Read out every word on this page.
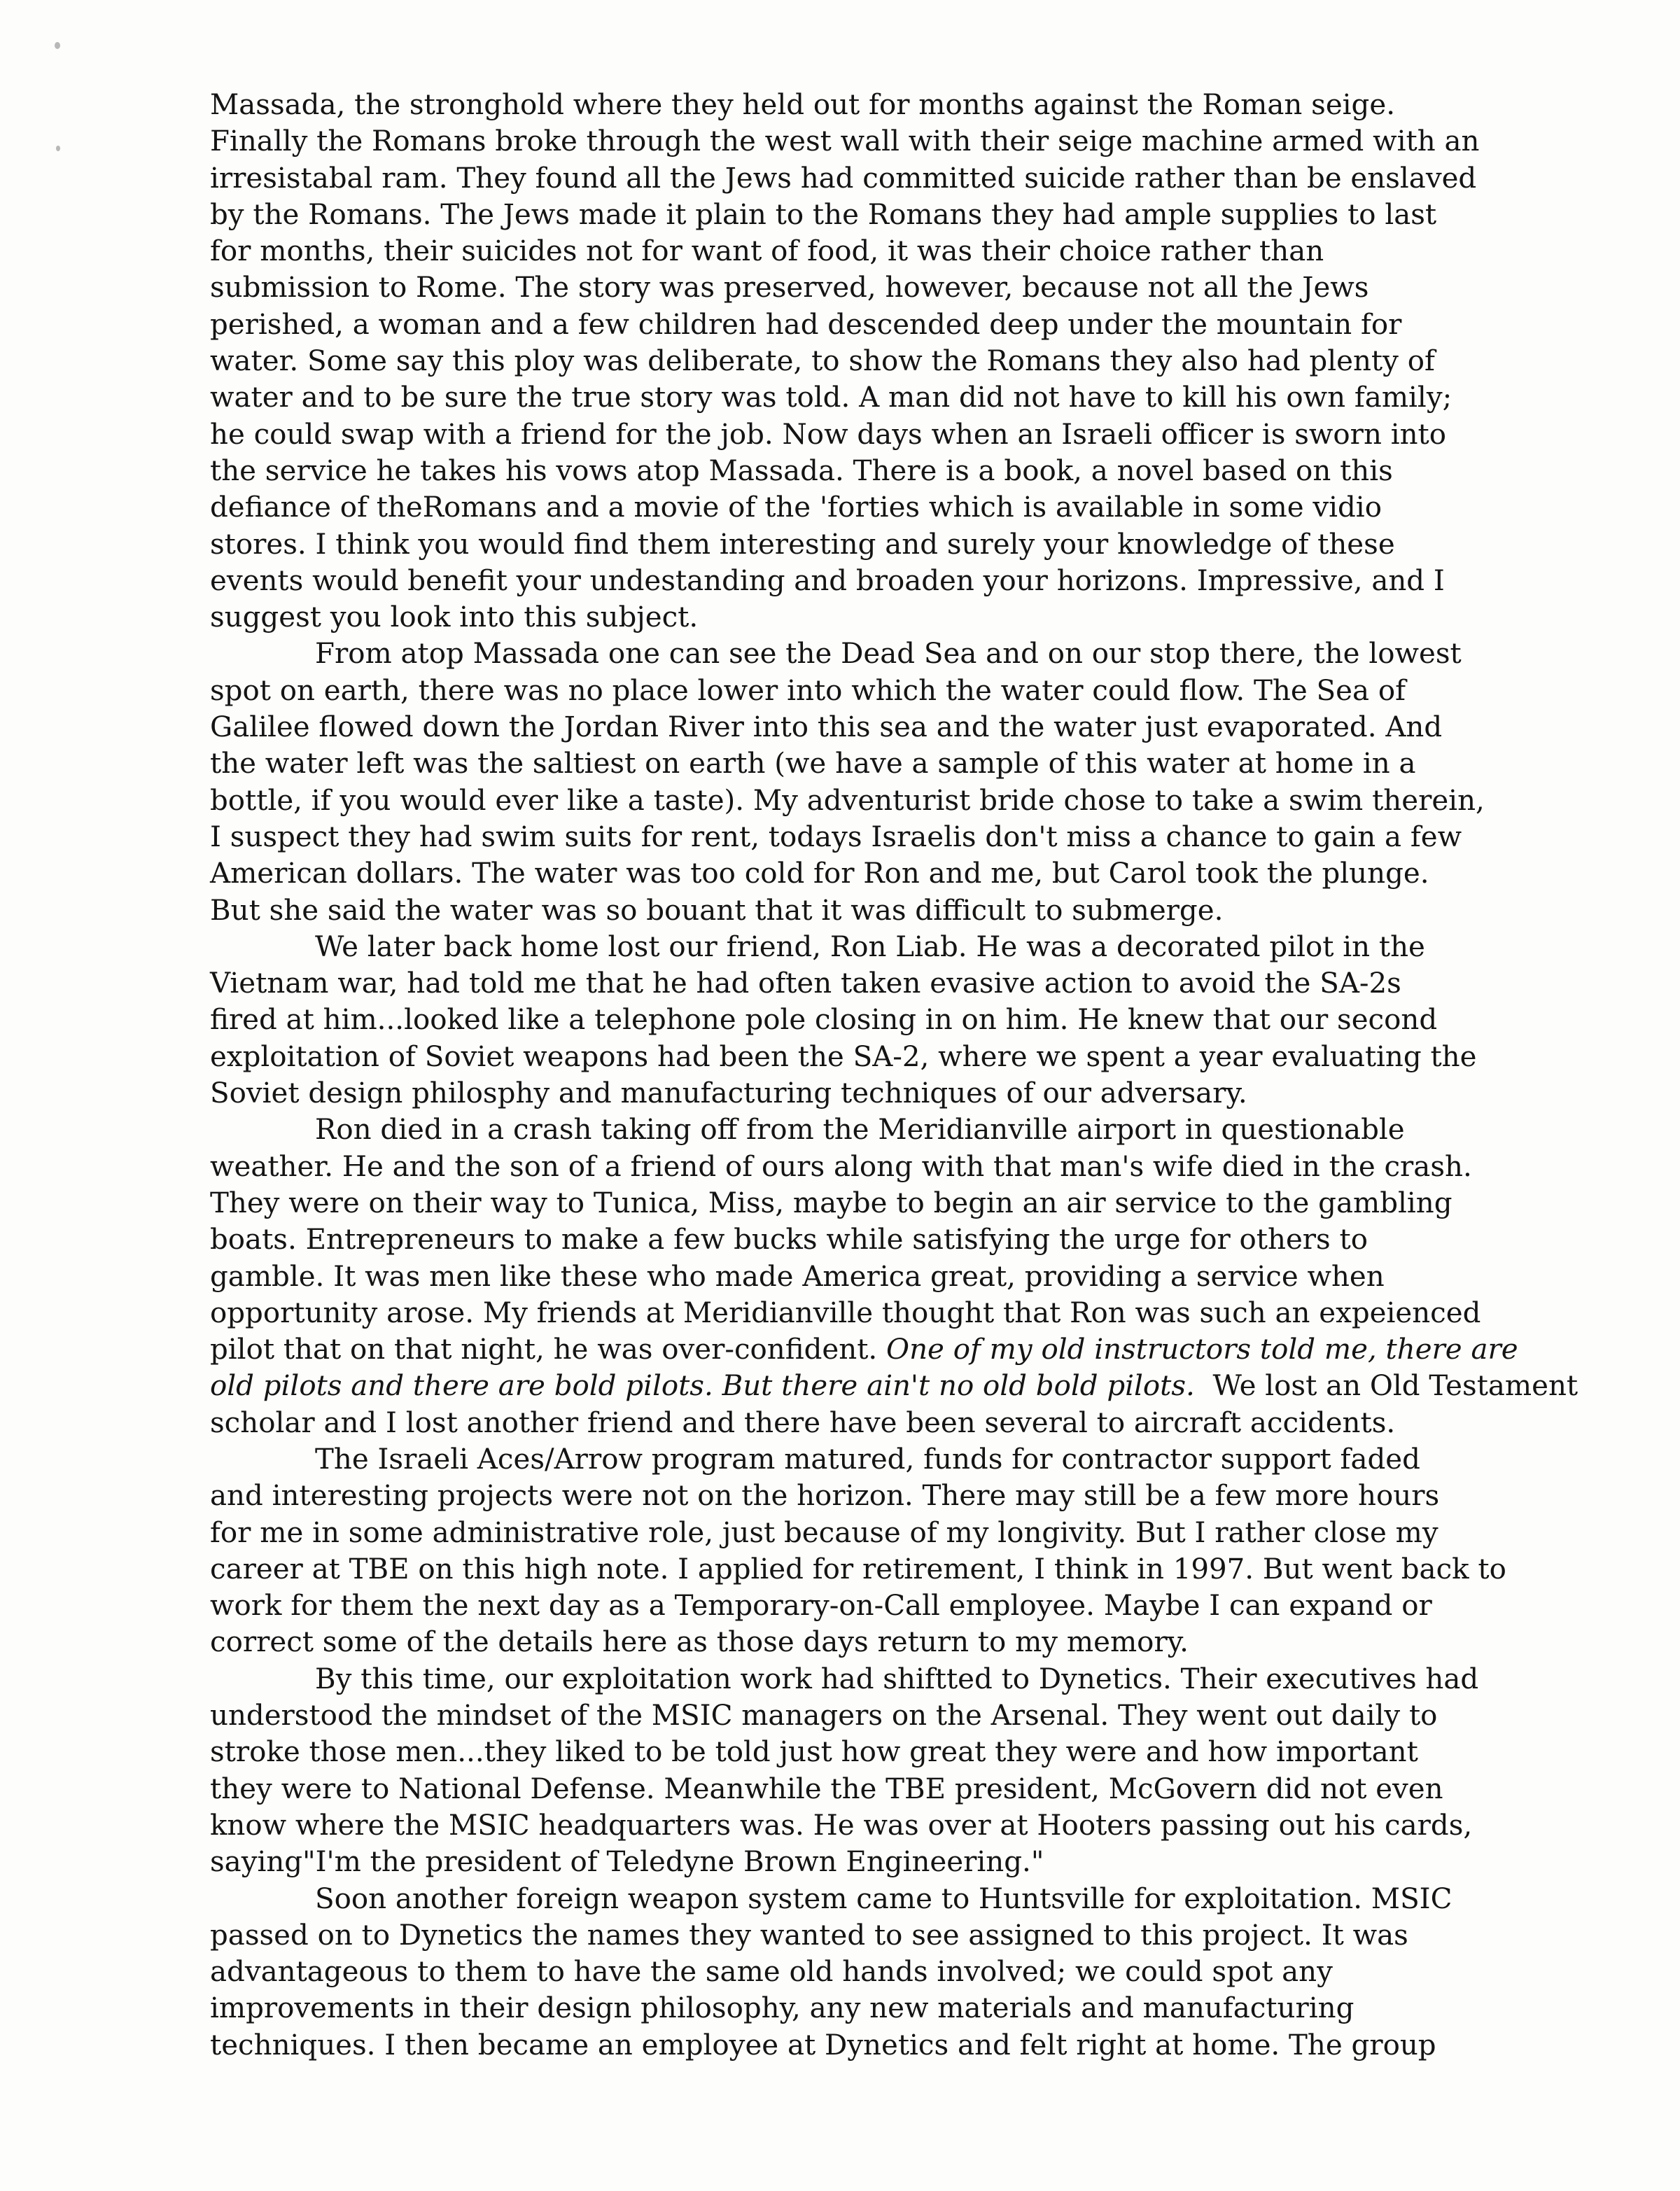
Massada, the stronghold where they held out for months against the Roman seige.
Finally the Romans broke through the west wall with their seige machine armed with an
irresistabal ram. They found all the Jews had committed suicide rather than be enslaved
by the Romans. The Jews made it plain to the Romans they had ample supplies to last
for months, their suicides not for want of food, it was their choice rather than
submission to Rome. The story was preserved, however, because not all the Jews
perished, a woman and a few children had descended deep under the mountain for
water. Some say this ploy was deliberate, to show the Romans they also had plenty of
water and to be sure the true story was told. A man did not have to kill his own family;
he could swap with a friend for the job. Now days when an Israeli officer is sworn into
the service he takes his vows atop Massada. There is a book, a novel based on this
defiance of theRomans and a movie of the 'forties which is available in some vidio
stores. I think you would find them interesting and surely your knowledge of these
events would benefit your undestanding and broaden your horizons. Impressive, and I
suggest you look into this subject.
From atop Massada one can see the Dead Sea and on our stop there, the lowest
spot on earth, there was no place lower into which the water could flow. The Sea of
Galilee flowed down the Jordan River into this sea and the water just evaporated. And
the water left was the saltiest on earth (we have a sample of this water at home in a
bottle, if you would ever like a taste). My adventurist bride chose to take a swim therein,
I suspect they had swim suits for rent, todays Israelis don't miss a chance to gain a few
American dollars. The water was too cold for Ron and me, but Carol took the plunge.
But she said the water was so bouant that it was difficult to submerge.
We later back home lost our friend, Ron Liab. He was a decorated pilot in the
Vietnam war, had told me that he had often taken evasive action to avoid the SA-2s
fired at him...looked like a telephone pole closing in on him. He knew that our second
exploitation of Soviet weapons had been the SA-2, where we spent a year evaluating the
Soviet design philosphy and manufacturing techniques of our adversary.
Ron died in a crash taking off from the Meridianville airport in questionable
weather. He and the son of a friend of ours along with that man's wife died in the crash.
They were on their way to Tunica, Miss, maybe to begin an air service to the gambling
boats. Entrepreneurs to make a few bucks while satisfying the urge for others to
gamble. It was men like these who made America great, providing a service when
opportunity arose. My friends at Meridianville thought that Ron was such an expeienced
pilot that on that night, he was over-confident. One of my old instructors told me, there are
old pilots and there are bold pilots. But there ain't no old bold pilots.  We lost an Old Testament
scholar and I lost another friend and there have been several to aircraft accidents.
The Israeli Aces/Arrow program matured, funds for contractor support faded
and interesting projects were not on the horizon. There may still be a few more hours
for me in some administrative role, just because of my longivity. But I rather close my
career at TBE on this high note. I applied for retirement, I think in 1997. But went back to
work for them the next day as a Temporary-on-Call employee. Maybe I can expand or
correct some of the details here as those days return to my memory.
By this time, our exploitation work had shiftted to Dynetics. Their executives had
understood the mindset of the MSIC managers on the Arsenal. They went out daily to
stroke those men...they liked to be told just how great they were and how important
they were to National Defense. Meanwhile the TBE president, McGovern did not even
know where the MSIC headquarters was. He was over at Hooters passing out his cards,
saying"I'm the president of Teledyne Brown Engineering."
Soon another foreign weapon system came to Huntsville for exploitation. MSIC
passed on to Dynetics the names they wanted to see assigned to this project. It was
advantageous to them to have the same old hands involved; we could spot any
improvements in their design philosophy, any new materials and manufacturing
techniques. I then became an employee at Dynetics and felt right at home. The group
